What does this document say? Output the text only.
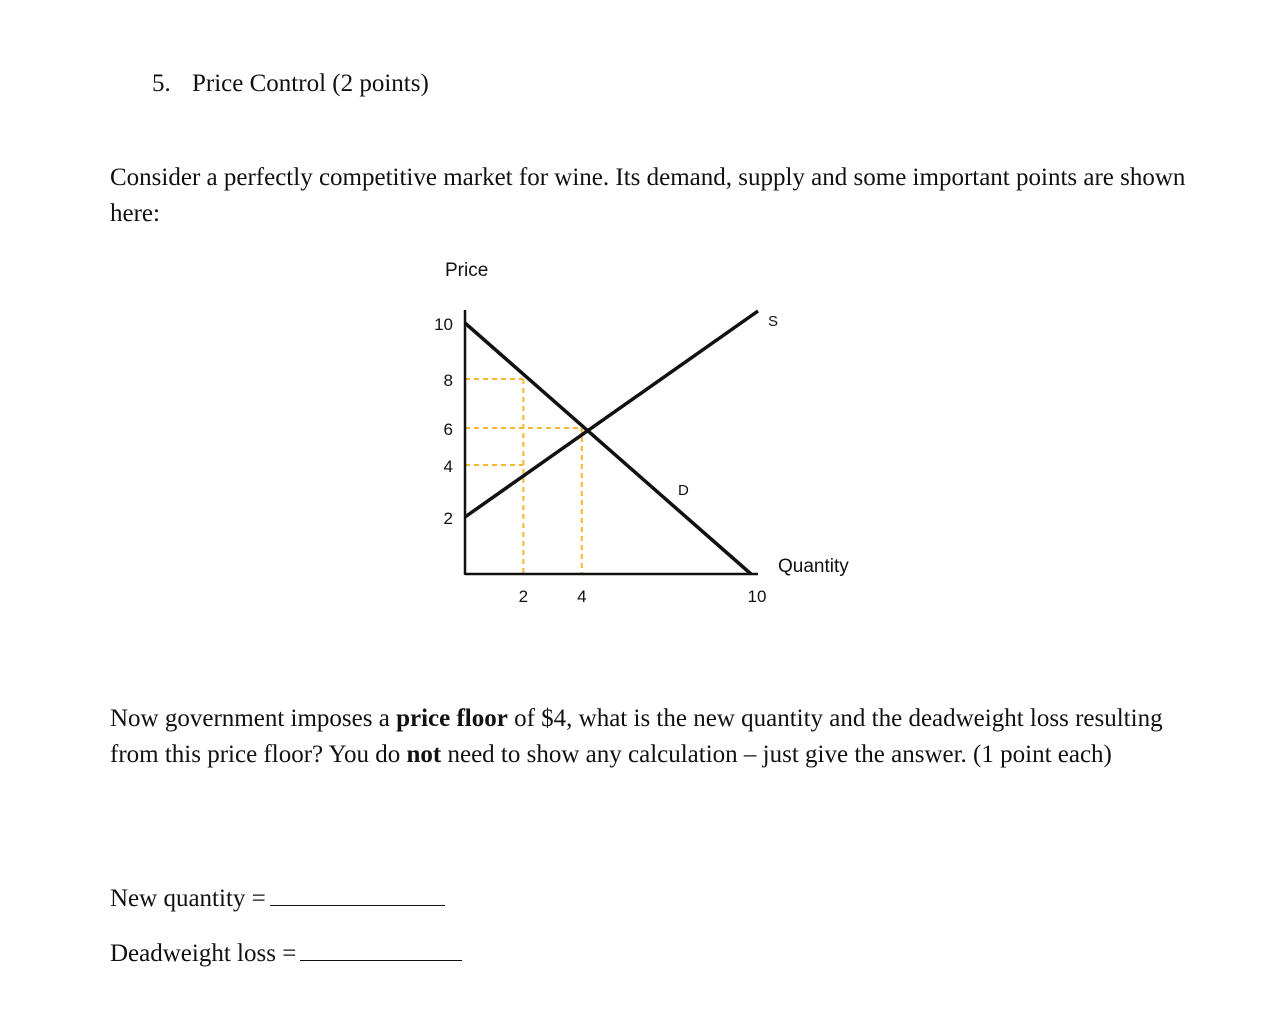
5. Price Control (2 points)
Consider a perfectly competitive market for wine. Its demand, supply and some important points are shown here:
Price
Quantity
2
4
6
8
10
2	4	10
S
D
Now government imposes a price floor of $4, what is the new quantity and the deadweight loss resulting from this price floor? You do not need to show any calculation – just give the answer. (1 point each)
New quantity =
Deadweight loss =
